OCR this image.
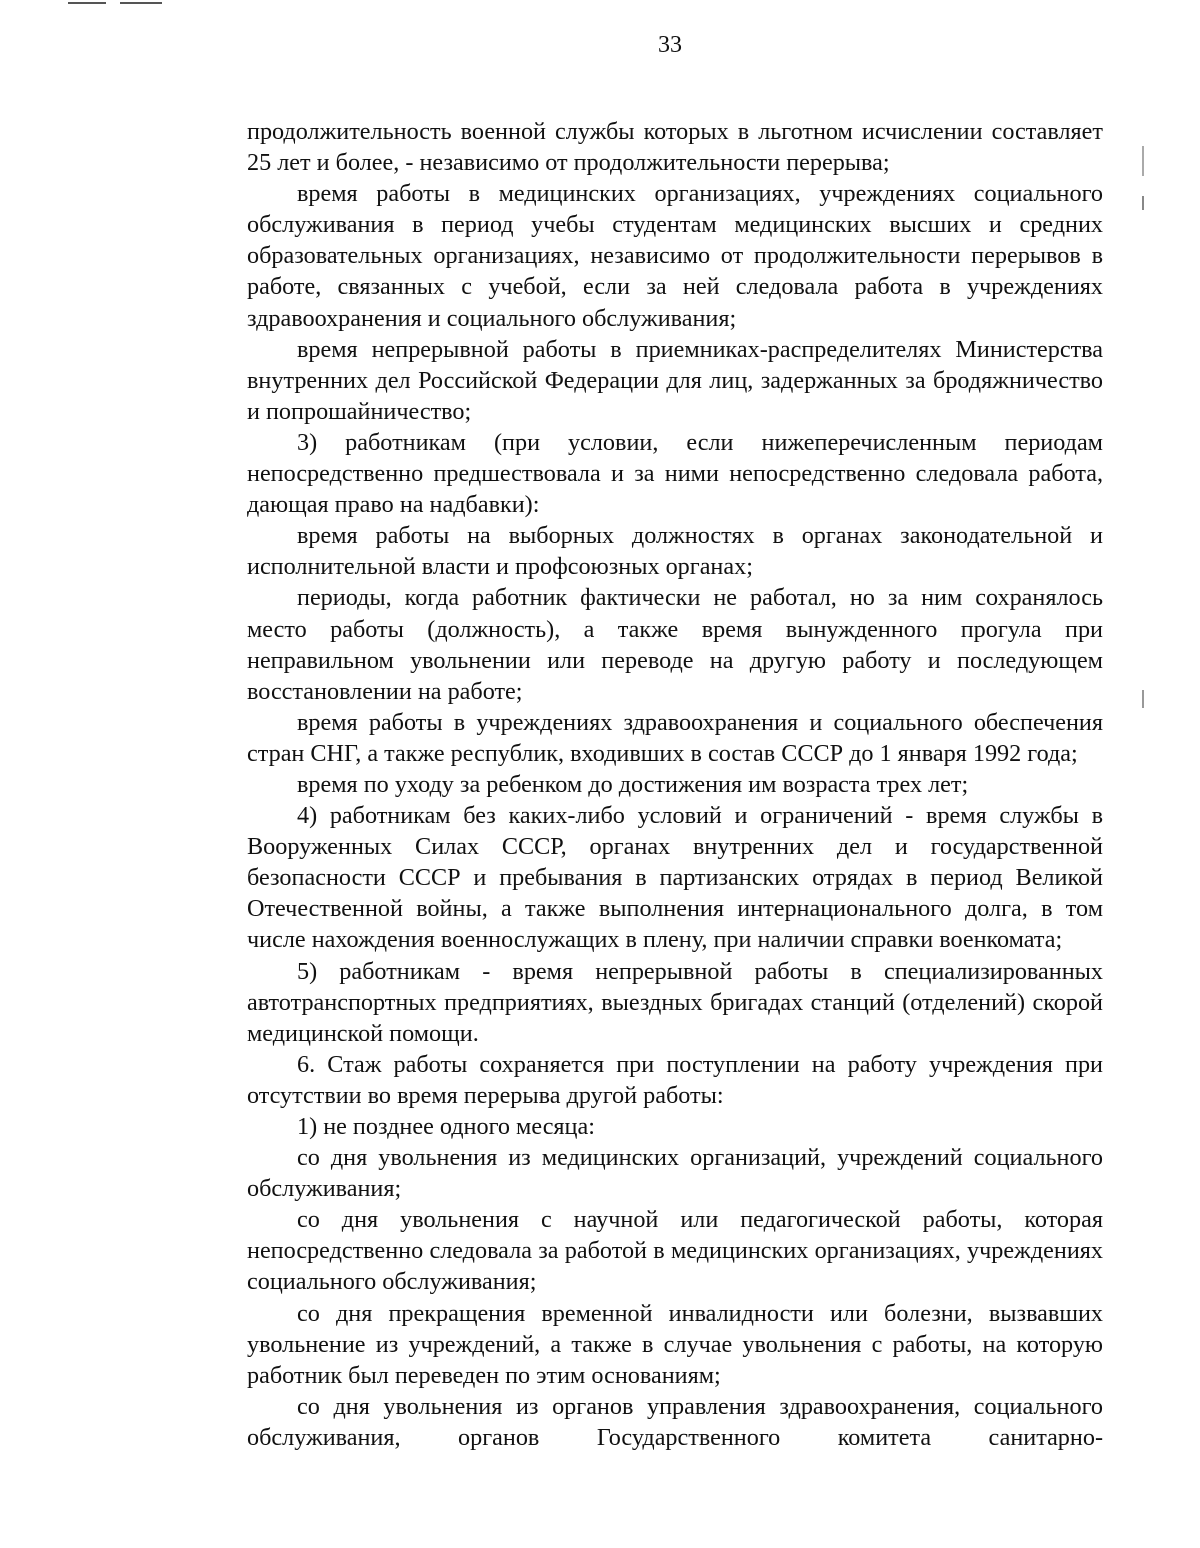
33

продолжительность военной службы которых в льготном исчислении составляет 25 лет и более, - независимо от продолжительности перерыва;

время работы в медицинских организациях, учреждениях социального обслуживания в период учебы студентам медицинских высших и средних образовательных организациях, независимо от продолжительности перерывов в работе, связанных с учебой, если за ней следовала работа в учреждениях здравоохранения и социального обслуживания;

время непрерывной работы в приемниках-распределителях Министерства внутренних дел Российской Федерации для лиц, задержанных за бродяжничество и попрошайничество;

3) работникам (при условии, если нижеперечисленным периодам непосредственно предшествовала и за ними непосредственно следовала работа, дающая право на надбавки):

время работы на выборных должностях в органах законодательной и исполнительной власти и профсоюзных органах;

периоды, когда работник фактически не работал, но за ним сохранялось место работы (должность), а также время вынужденного прогула при неправильном увольнении или переводе на другую работу и последующем восстановлении на работе;

время работы в учреждениях здравоохранения и социального обеспечения стран СНГ, а также республик, входивших в состав СССР до 1 января 1992 года;

время по уходу за ребенком до достижения им возраста трех лет;

4) работникам без каких-либо условий и ограничений - время службы в Вооруженных Силах СССР, органах внутренних дел и государственной безопасности СССР и пребывания в партизанских отрядах в период Великой Отечественной войны, а также выполнения интернационального долга, в том числе нахождения военнослужащих в плену, при наличии справки военкомата;

5) работникам - время непрерывной работы в специализированных автотранспортных предприятиях, выездных бригадах станций (отделений) скорой медицинской помощи.

6. Стаж работы сохраняется при поступлении на работу учреждения при отсутствии во время перерыва другой работы:

1) не позднее одного месяца:

со дня увольнения из медицинских организаций, учреждений социального обслуживания;

со дня увольнения с научной или педагогической работы, которая непосредственно следовала за работой в медицинских организациях, учреждениях социального обслуживания;

со дня прекращения временной инвалидности или болезни, вызвавших увольнение из учреждений, а также в случае увольнения с работы, на которую работник был переведен по этим основаниям;

со дня увольнения из органов управления здравоохранения, социального обслуживания, органов Государственного комитета санитарно-
